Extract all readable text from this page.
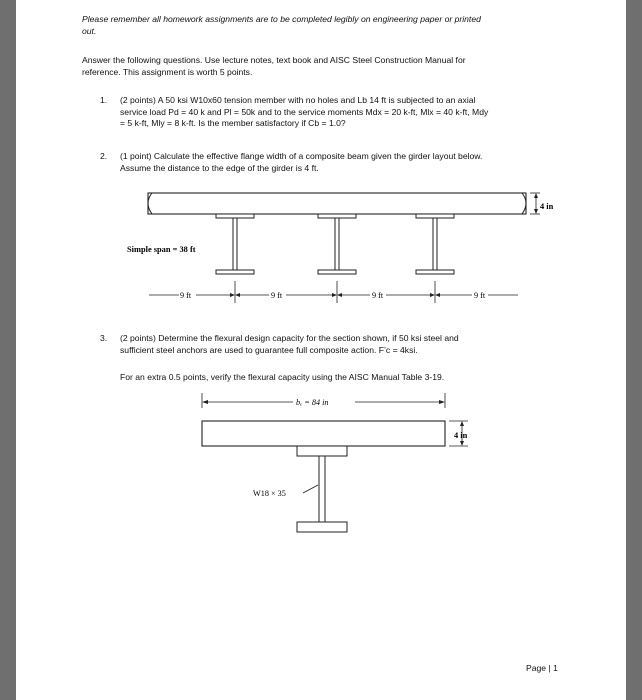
Please remember all homework assignments are to be completed legibly on engineering paper or printed
out.
Answer the following questions. Use lecture notes, text book and AISC Steel Construction Manual for
reference. This assignment is worth 5 points.
1. (2 points) A 50 ksi W10x60 tension member with no holes and Lb 14 ft is subjected to an axial
service load Pd = 40 k and Pl = 50k and to the service moments Mdx = 20 k-ft, Mlx = 40 k-ft, Mdy
= 5 k-ft, Mly = 8 k-ft. Is the member satisfactory if Cb = 1.0?
2. (1 point) Calculate the effective flange width of a composite beam given the girder layout below.
Assume the distance to the edge of the girder is 4 ft.
4 in
Simple span = 38 ft
9 ft	9 ft	9 ft	9 ft
3. (2 points) Determine the flexural design capacity for the section shown, if 50 ksi steel and
sufficient steel anchors are used to guarantee full composite action. F’c = 4ksi.
For an extra 0.5 points, verify the flexural capacity using the AISC Manual Table 3-19.
bₑ = 84 in
4 in
W18 × 35
Page | 1
